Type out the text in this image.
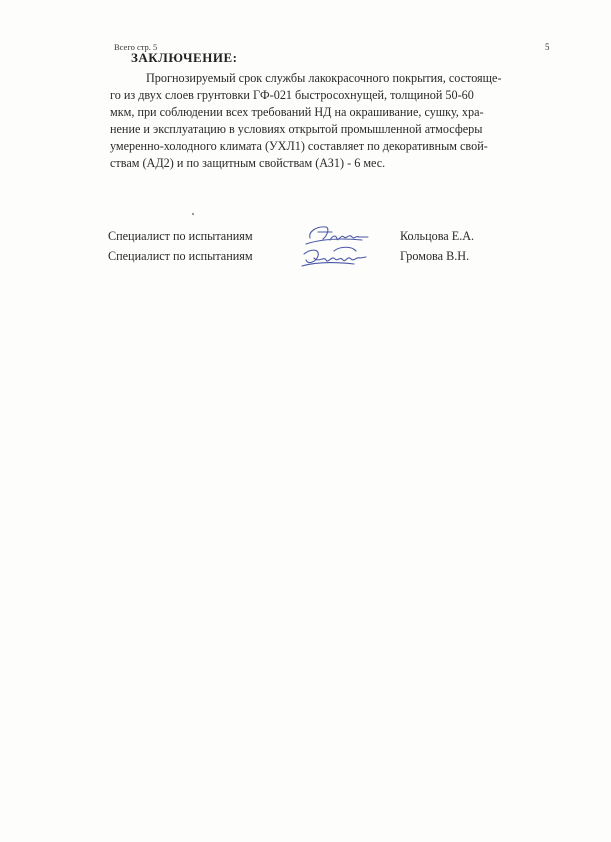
Всего стр. 5	5
ЗАКЛЮЧЕНИЕ:
Прогнозируемый срок службы лакокрасочного покрытия, состояще-
го из двух слоев грунтовки ГФ-021 быстросохнущей, толщиной 50-60
мкм, при соблюдении всех требований НД на окрашивание, сушку, хра-
нение и эксплуатацию в условиях открытой промышленной атмосферы
умеренно-холодного климата (УХЛ1) составляет по декоративным свой-
ствам (АД2) и по защитным свойствам (АЗ1) - 6 мес.
Специалист по испытаниям	Кольцова Е.А.
Специалист по испытаниям	Громова В.Н.
